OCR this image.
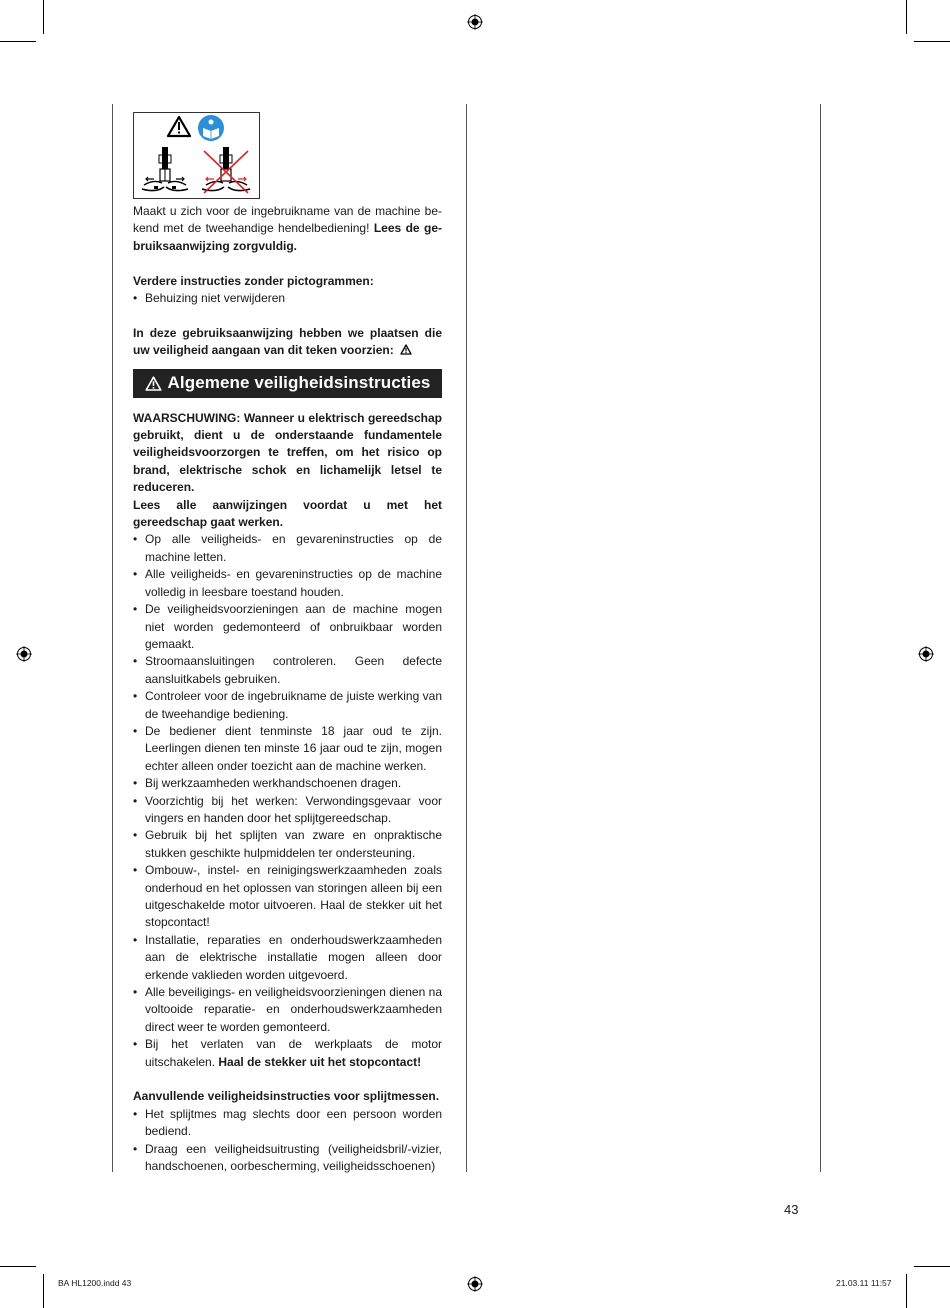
Maakt u zich voor de ingebruikname van de machine bekend met de tweehandige hendelbediening! Lees de gebruiksaanwijzing zorgvuldig.

Verdere instructies zonder pictogrammen:

• Behuizing niet verwijderen

In deze gebruiksaanwijzing hebben we plaatsen die uw veiligheid aangaan van dit teken voorzien:

Algemene veiligheidsinstructies

WAARSCHUWING: Wanneer u elektrisch gereedschap gebruikt, dient u de onderstaande fundamentele veiligheidsvoorzorgen te treffen, om het risico op brand, elektrische schok en lichamelijk letsel te reduceren.

Lees alle aanwijzingen voordat u met het gereedschap gaat werken.

• Op alle veiligheids- en gevareninstructies op de machine letten.
• Alle veiligheids- en gevareninstructies op de machine volledig in leesbare toestand houden.
• De veiligheidsvoorzieningen aan de machine mogen niet worden gedemonteerd of onbruikbaar worden gemaakt.
• Stroomaansluitingen controleren. Geen defecte aansluitkabels gebruiken.
• Controleer voor de ingebruikname de juiste werking van de tweehandige bediening.
• De bediener dient tenminste 18 jaar oud te zijn. Leerlingen dienen ten minste 16 jaar oud te zijn, mogen echter alleen onder toezicht aan de machine werken.
• Bij werkzaamheden werkhandschoenen dragen.
• Voorzichtig bij het werken: Verwondingsgevaar voor vingers en handen door het splijtgereedschap.
• Gebruik bij het splijten van zware en onpraktische stukken geschikte hulpmiddelen ter ondersteuning.
• Ombouw-, instel- en reinigingswerkzaamheden zoals onderhoud en het oplossen van storingen alleen bij een uitgeschakelde motor uitvoeren. Haal de stekker uit het stopcontact!
• Installatie, reparaties en onderhoudswerkzaamheden aan de elektrische installatie mogen alleen door erkende vaklieden worden uitgevoerd.
• Alle beveiligings- en veiligheidsvoorzieningen dienen na voltooide reparatie- en onderhoudswerkzaamheden direct weer te worden gemonteerd.
• Bij het verlaten van de werkplaats de motor uitschakelen. Haal de stekker uit het stopcontact!

Aanvullende veiligheidsinstructies voor splijtmessen.

• Het splijtmes mag slechts door een persoon worden bediend.
• Draag een veiligheidsuitrusting (veiligheidsbril/-vizier, handschoenen, oorbescherming, veiligheidsschoenen)
43
BA HL1200.indd 43	21.03.11 11:57
